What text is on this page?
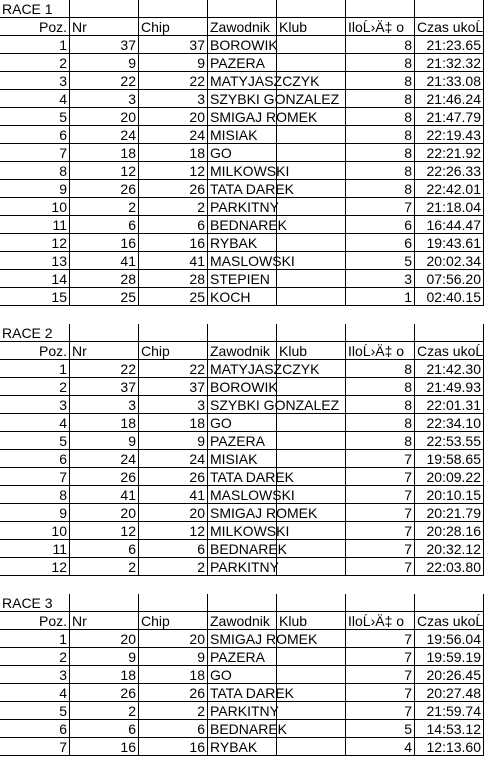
RACE 1
Poz. Nr	Chip	Zawodnik Klub	IloĹ›Ä‡ o Czas ukoĹ
1	37	37 BOROWIK	8 21:23.65
2	9	9 PAZERA	8 21:32.32
3	22	22 MATYJASZCZYK	8 21:33.08
4	3	3 SZYBKI GONZALEZ	8 21:46.24
5	20	20 SMIGAJ ROMEK	8 21:47.79
6	24	24 MISIAK	8 22:19.43
7	18	18 GO	8 22:21.92
8	12	12 MILKOWSKI	8 22:26.33
9	26	26 TATA DAREK	8 22:42.01
10	2	2 PARKITNY	7 21:18.04
11	6	6 BEDNAREK	6 16:44.47
12	16	16 RYBAK	6 19:43.61
13	41	41 MASLOWSKI	5 20:02.34
14	28	28 STEPIEN	3 07:56.20
15	25	25 KOCH	1 02:40.15
RACE 2
Poz. Nr	Chip	Zawodnik Klub	IloĹ›Ä‡ o Czas ukoĹ
1	22	22 MATYJASZCZYK	8 21:42.30
2	37	37 BOROWIK	8 21:49.93
3	3	3 SZYBKI GONZALEZ	8 22:01.31
4	18	18 GO	8 22:34.10
5	9	9 PAZERA	8 22:53.55
6	24	24 MISIAK	7 19:58.65
7	26	26 TATA DAREK	7 20:09.22
8	41	41 MASLOWSKI	7 20:10.15
9	20	20 SMIGAJ ROMEK	7 20:21.79
10	12	12 MILKOWSKI	7 20:28.16
11	6	6 BEDNAREK	7 20:32.12
12	2	2 PARKITNY	7 22:03.80
RACE 3
Poz. Nr	Chip	Zawodnik Klub	IloĹ›Ä‡ o Czas ukoĹ
1	20	20 SMIGAJ ROMEK	7 19:56.04
2	9	9 PAZERA	7 19:59.19
3	18	18 GO	7 20:26.45
4	26	26 TATA DAREK	7 20:27.48
5	2	2 PARKITNY	7 21:59.74
6	6	6 BEDNAREK	5 14:53.12
7	16	16 RYBAK	4 12:13.60
